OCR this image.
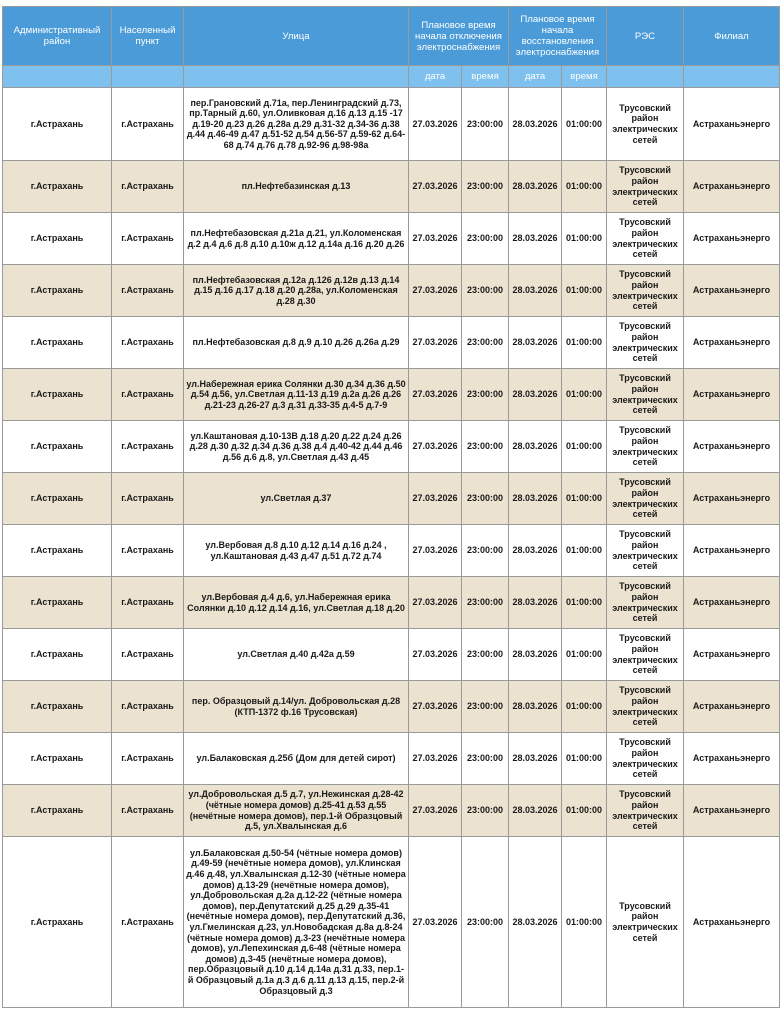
Административный район	Населенный пункт	Улица	Плановое время начала отключения электроснабжения		Плановое время начала восстановления электроснабжения		РЭС	Филиал
			дата	время	дата	время		
г.Астрахань	г.Астрахань	пер.Грановский д.71а, пер.Ленинградский д.73, пр.Тарный д.60, ул.Оливковая д.16 д.13 д.15 -17 д.19-20 д.23 д.26 д.28а д.29 д.31-32 д.34-36 д.38 д.44 д.46-49 д.47 д.51-52 д.54 д.56-57 д.59-62 д.64-68 д.74 д.76 д.78 д.92-96 д.98-98а	27.03.2026	23:00:00	28.03.2026	01:00:00	Трусовский район электрических сетей	Астраханьэнерго
г.Астрахань	г.Астрахань	пл.Нефтебазинская д.13	27.03.2026	23:00:00	28.03.2026	01:00:00	Трусовский район электрических сетей	Астраханьэнерго
г.Астрахань	г.Астрахань	пл.Нефтебазовская д.21а д.21, ул.Коломенская д.2 д.4 д.6 д.8 д.10 д.10ж д.12 д.14а д.16 д.20 д.26	27.03.2026	23:00:00	28.03.2026	01:00:00	Трусовский район электрических сетей	Астраханьэнерго
г.Астрахань	г.Астрахань	пл.Нефтебазовская д.12а д.126 д.12в д.13 д.14 д.15 д.16 д.17 д.18 д.20 д.28а, ул.Коломенская д.28 д.30	27.03.2026	23:00:00	28.03.2026	01:00:00	Трусовский район электрических сетей	Астраханьэнерго
г.Астрахань	г.Астрахань	пл.Нефтебазовская д.8 д.9 д.10 д.26 д.26а д.29	27.03.2026	23:00:00	28.03.2026	01:00:00	Трусовский район электрических сетей	Астраханьэнерго
г.Астрахань	г.Астрахань	ул.Набережная ерика Солянки д.30 д.34 д.36 д.50 д.54 д.56, ул.Светлая д.11-13 д.19 д.2а д.26 д.26 д.21-23 д.26-27 д.3 д.31 д.33-35 д.4-5 д.7-9	27.03.2026	23:00:00	28.03.2026	01:00:00	Трусовский район электрических сетей	Астраханьэнерго
г.Астрахань	г.Астрахань	ул.Каштановая д.10-13В д.18 д.20 д.22 д.24 д.26 д.28 д.30 д.32 д.34 д.36 д.38 д.4 д.40-42 д.44 д.46 д.56 д.6 д.8, ул.Светлая д.43 д.45	27.03.2026	23:00:00	28.03.2026	01:00:00	Трусовский район электрических сетей	Астраханьэнерго
г.Астрахань	г.Астрахань	ул.Светлая д.37	27.03.2026	23:00:00	28.03.2026	01:00:00	Трусовский район электрических сетей	Астраханьэнерго
г.Астрахань	г.Астрахань	ул.Вербовая д.8 д.10 д.12 д.14 д.16 д.24 , ул.Каштановая д.43 д.47 д.51 д.72 д.74	27.03.2026	23:00:00	28.03.2026	01:00:00	Трусовский район электрических сетей	Астраханьэнерго
г.Астрахань	г.Астрахань	ул.Вербовая д.4 д.6, ул.Набережная ерика Солянки д.10 д.12 д.14 д.16, ул.Светлая д.18 д.20	27.03.2026	23:00:00	28.03.2026	01:00:00	Трусовский район электрических сетей	Астраханьэнерго
г.Астрахань	г.Астрахань	ул.Светлая д.40 д.42а д.59	27.03.2026	23:00:00	28.03.2026	01:00:00	Трусовский район электрических сетей	Астраханьэнерго
г.Астрахань	г.Астрахань	пер. Образцовый д.14/ул. Добровольская д.28 (КТП-1372 ф.16 Трусовская)	27.03.2026	23:00:00	28.03.2026	01:00:00	Трусовский район электрических сетей	Астраханьэнерго
г.Астрахань	г.Астрахань	ул.Балаковская д.25б (Дом для детей сирот)	27.03.2026	23:00:00	28.03.2026	01:00:00	Трусовский район электрических сетей	Астраханьэнерго
г.Астрахань	г.Астрахань	ул.Добровольская д.5 д.7, ул.Нежинская д.28-42 (чётные номера домов) д.25-41 д.53 д.55 (нечётные номера домов), пер.1-й Образцовый д.5, ул.Хвалынская д.6	27.03.2026	23:00:00	28.03.2026	01:00:00	Трусовский район электрических сетей	Астраханьэнерго
г.Астрахань	г.Астрахань	ул.Балаковская д.50-54 (чётные номера домов) д.49-59 (нечётные номера домов), ул.Клинская д.46 д.48, ул.Хвалынская д.12-30 (чётные номера домов) д.13-29 (нечётные номера домов), ул.Добровольская д.2а д.12-22 (чётные номера домов), пер.Депутатский д.25 д.29 д.35-41 (нечётные номера домов), пер.Депутатский д.36, ул.Гмелинская д.23, ул.Новобадская д.8а д.8-24 (чётные номера домов) д.3-23 (нечётные номера домов), ул.Лепехинская д.6-48 (чётные номера домов) д.3-45 (нечётные номера домов), пер.Образцовый д.10 д.14 д.14а д.31 д.33, пер.1-й Образцовый д.1а д.3 д.6 д.11 д.13 д.15, пер.2-й Образцовый д.3	27.03.2026	23:00:00	28.03.2026	01:00:00	Трусовский район электрических сетей	Астраханьэнерго
